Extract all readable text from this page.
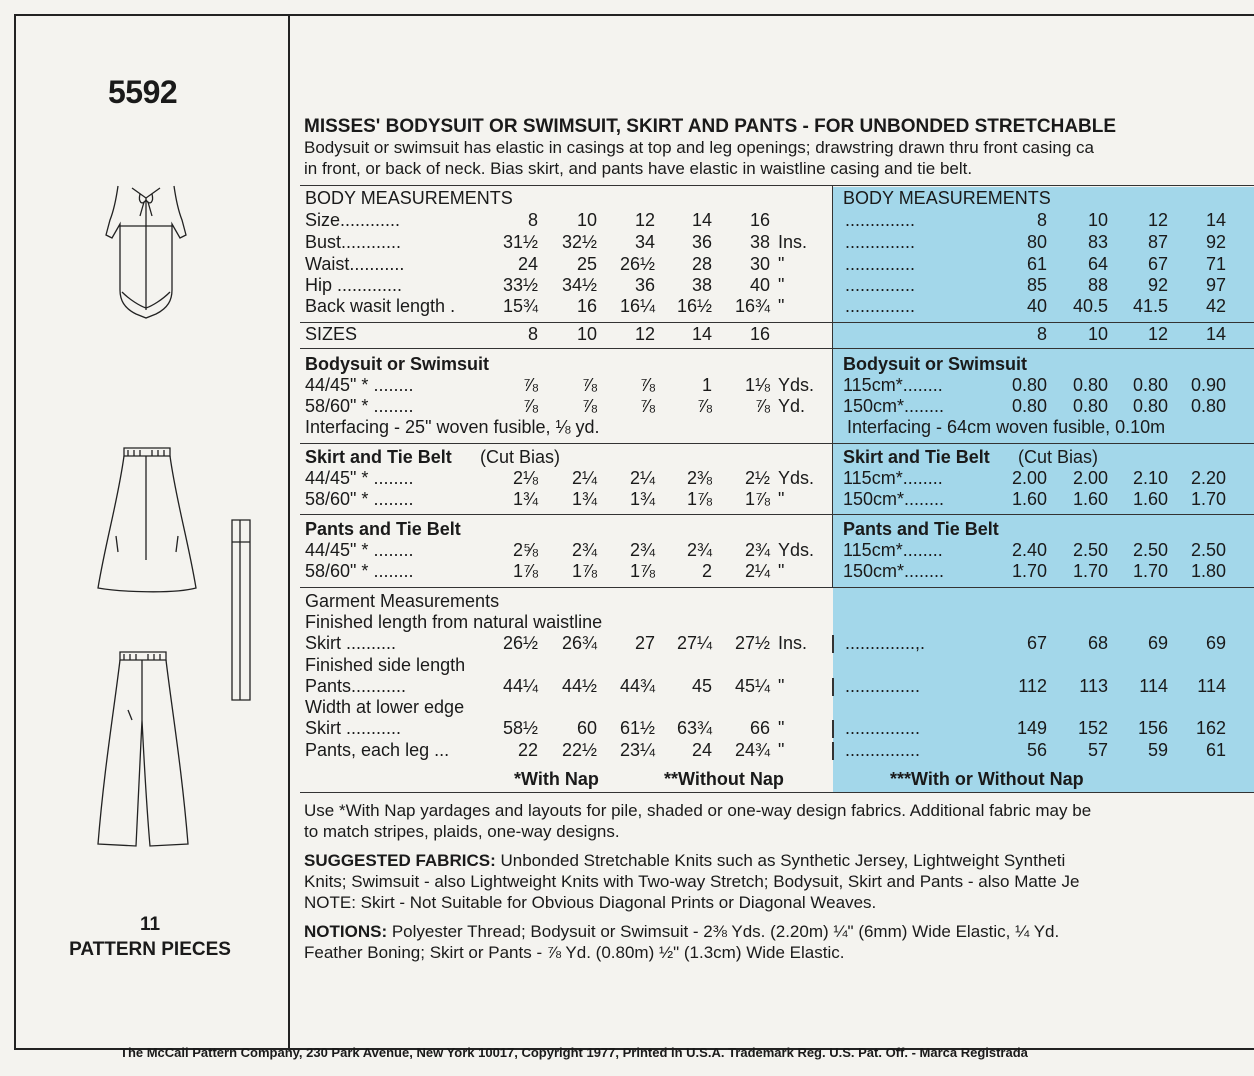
5592
11
PATTERN PIECES
MISSES' BODYSUIT OR SWIMSUIT, SKIRT AND PANTS - FOR UNBONDED STRETCHABLE
Bodysuit or swimsuit has elastic in casings at top and leg openings; drawstring drawn thru front casing ca
in front, or back of neck. Bias skirt, and pants have elastic in waistline casing and tie belt.
BODY MEASUREMENTS	BODY MEASUREMENTS
Size............	8	10	12	14	16
Bust............	31½ 32½	34	36	38 Ins.
Waist...........	24	25 26½	28	30 "
Hip .............	33½ 34½	36	38	40 "
Back wasit length .	15¾	16 16¼ 16½ 16¾ "
..............	8	10	12	14
..............	80	83	87	92
..............	61	64	67	71
..............	85	88	92	97
..............	40 40.5 41.5	42
SIZES	8	10	12	14	16	8	10	12	14
Bodysuit or Swimsuit	Bodysuit or Swimsuit
44/45" * ........	⅞	⅞	⅞	1	1⅛ Yds.
58/60" * ........	⅞	⅞	⅞	⅞	⅞ Yd.
115cm*........	0.80 0.80 0.80 0.90
150cm*........	0.80 0.80 0.80 0.80
Interfacing - 25" woven fusible, ⅛ yd.	Interfacing - 64cm woven fusible, 0.10m
Skirt and Tie Belt (Cut Bias)	Skirt and Tie Belt (Cut Bias)
44/45" * ........	2⅛	2¼	2¼	2⅜	2½ Yds.
58/60" * ........	1¾	1¾	1¾	1⅞	1⅞ "
115cm*........	2.00 2.00 2.10 2.20
150cm*........	1.60 1.60 1.60 1.70
Pants and Tie Belt	Pants and Tie Belt
44/45" * ........	2⅝	2¾	2¾	2¾	2¾ Yds.
58/60" * ........	1⅞	1⅞	1⅞	2	2¼ "
115cm*........	2.40 2.50 2.50 2.50
150cm*........	1.70 1.70 1.70 1.80
Garment Measurements
Finished length from natural waistline
Skirt ..........	26½ 26¾	27 27¼ 27½ Ins.
Finished side length
Pants...........	44¼ 44½ 44¾	45 45¼ "
Width at lower edge
Skirt ...........	58½	60 61½ 63¾	66 "
Pants, each leg ...	22 22½ 23¼	24 24¾ "
..............,.	67	68	69	69
...............	112	113	114	114
...............	149	152	156	162
...............	56	57	59	61
*With Nap	**Without Nap	***With or Without Nap
Use *With Nap yardages and layouts for pile, shaded or one-way design fabrics. Additional fabric may be
to match stripes, plaids, one-way designs.
SUGGESTED FABRICS: Unbonded Stretchable Knits such as Synthetic Jersey, Lightweight Syntheti
Knits; Swimsuit - also Lightweight Knits with Two-way Stretch; Bodysuit, Skirt and Pants - also Matte Je
NOTE: Skirt - Not Suitable for Obvious Diagonal Prints or Diagonal Weaves.
NOTIONS: Polyester Thread; Bodysuit or Swimsuit - 2⅜ Yds. (2.20m) ¼" (6mm) Wide Elastic, ¼ Yd.
Feather Boning; Skirt or Pants - ⅞ Yd. (0.80m) ½" (1.3cm) Wide Elastic.
The McCall Pattern Company, 230 Park Avenue, New York 10017, Copyright 1977, Printed in U.S.A. Trademark Reg. U.S. Pat. Off. - Marca Registrada
